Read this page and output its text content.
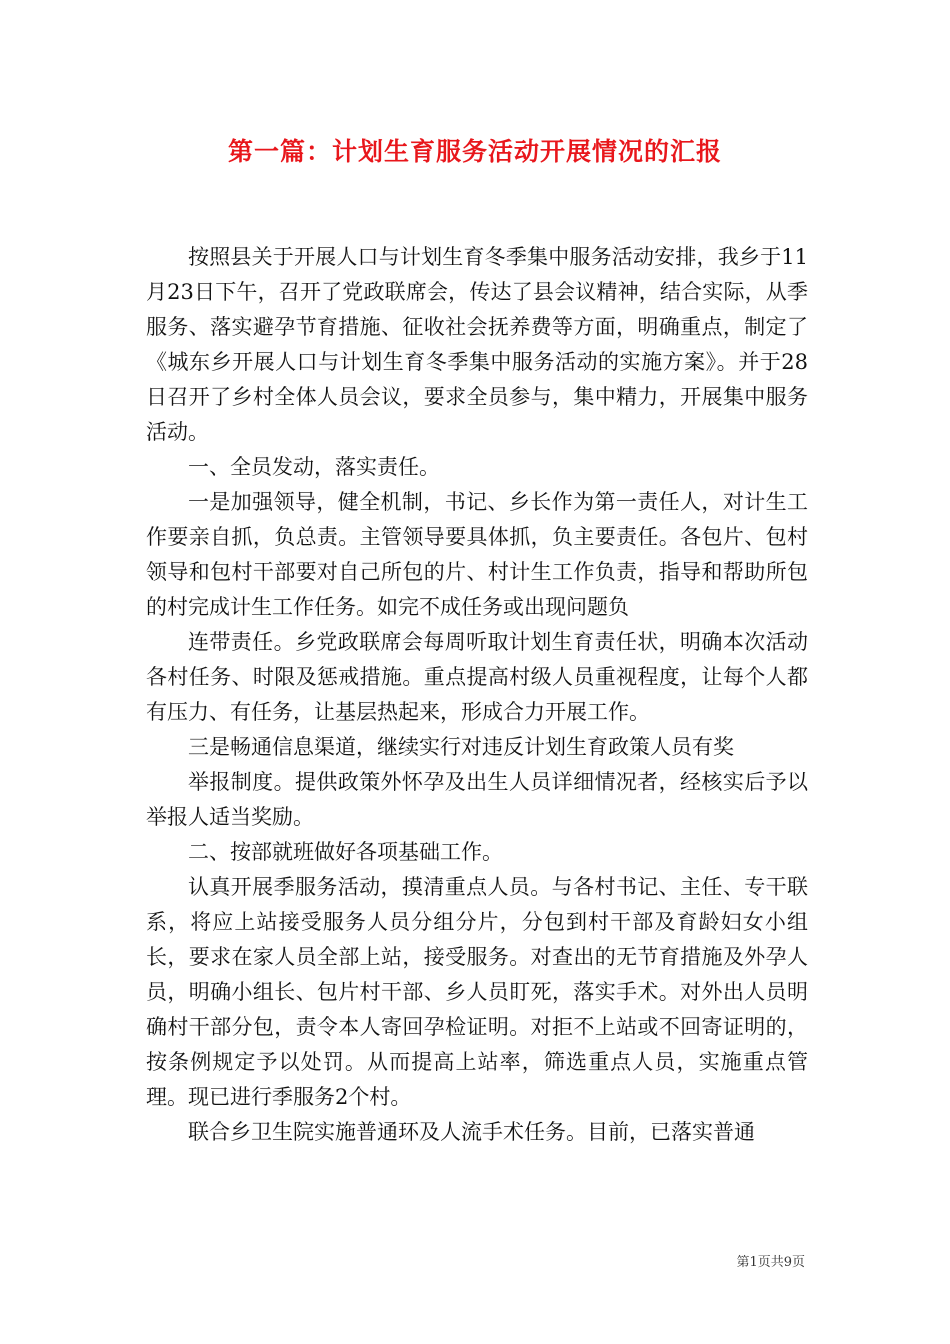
第一篇：计划生育服务活动开展情况的汇报

按照县关于开展人口与计划生育冬季集中服务活动安排，我乡于11月23日下午，召开了党政联席会，传达了县会议精神，结合实际，从季服务、落实避孕节育措施、征收社会抚养费等方面，明确重点，制定了《城东乡开展人口与计划生育冬季集中服务活动的实施方案》。并于28日召开了乡村全体人员会议，要求全员参与，集中精力，开展集中服务活动。

一、全员发动，落实责任。

一是加强领导，健全机制，书记、乡长作为第一责任人，对计生工作要亲自抓，负总责。主管领导要具体抓，负主要责任。各包片、包村领导和包村干部要对自己所包的片、村计生工作负责，指导和帮助所包的村完成计生工作任务。如完不成任务或出现问题负

连带责任。乡党政联席会每周听取计划生育责任状，明确本次活动各村任务、时限及惩戒措施。重点提高村级人员重视程度，让每个人都有压力、有任务，让基层热起来，形成合力开展工作。

三是畅通信息渠道，继续实行对违反计划生育政策人员有奖

举报制度。提供政策外怀孕及出生人员详细情况者，经核实后予以举报人适当奖励。

二、按部就班做好各项基础工作。

认真开展季服务活动，摸清重点人员。与各村书记、主任、专干联系，将应上站接受服务人员分组分片，分包到村干部及育龄妇女小组长，要求在家人员全部上站，接受服务。对查出的无节育措施及外孕人员，明确小组长、包片村干部、乡人员盯死，落实手术。对外出人员明确村干部分包，责令本人寄回孕检证明。对拒不上站或不回寄证明的，按条例规定予以处罚。从而提高上站率，筛选重点人员，实施重点管理。现已进行季服务2个村。

联合乡卫生院实施普通环及人流手术任务。目前，已落实普通

第1页共9页
